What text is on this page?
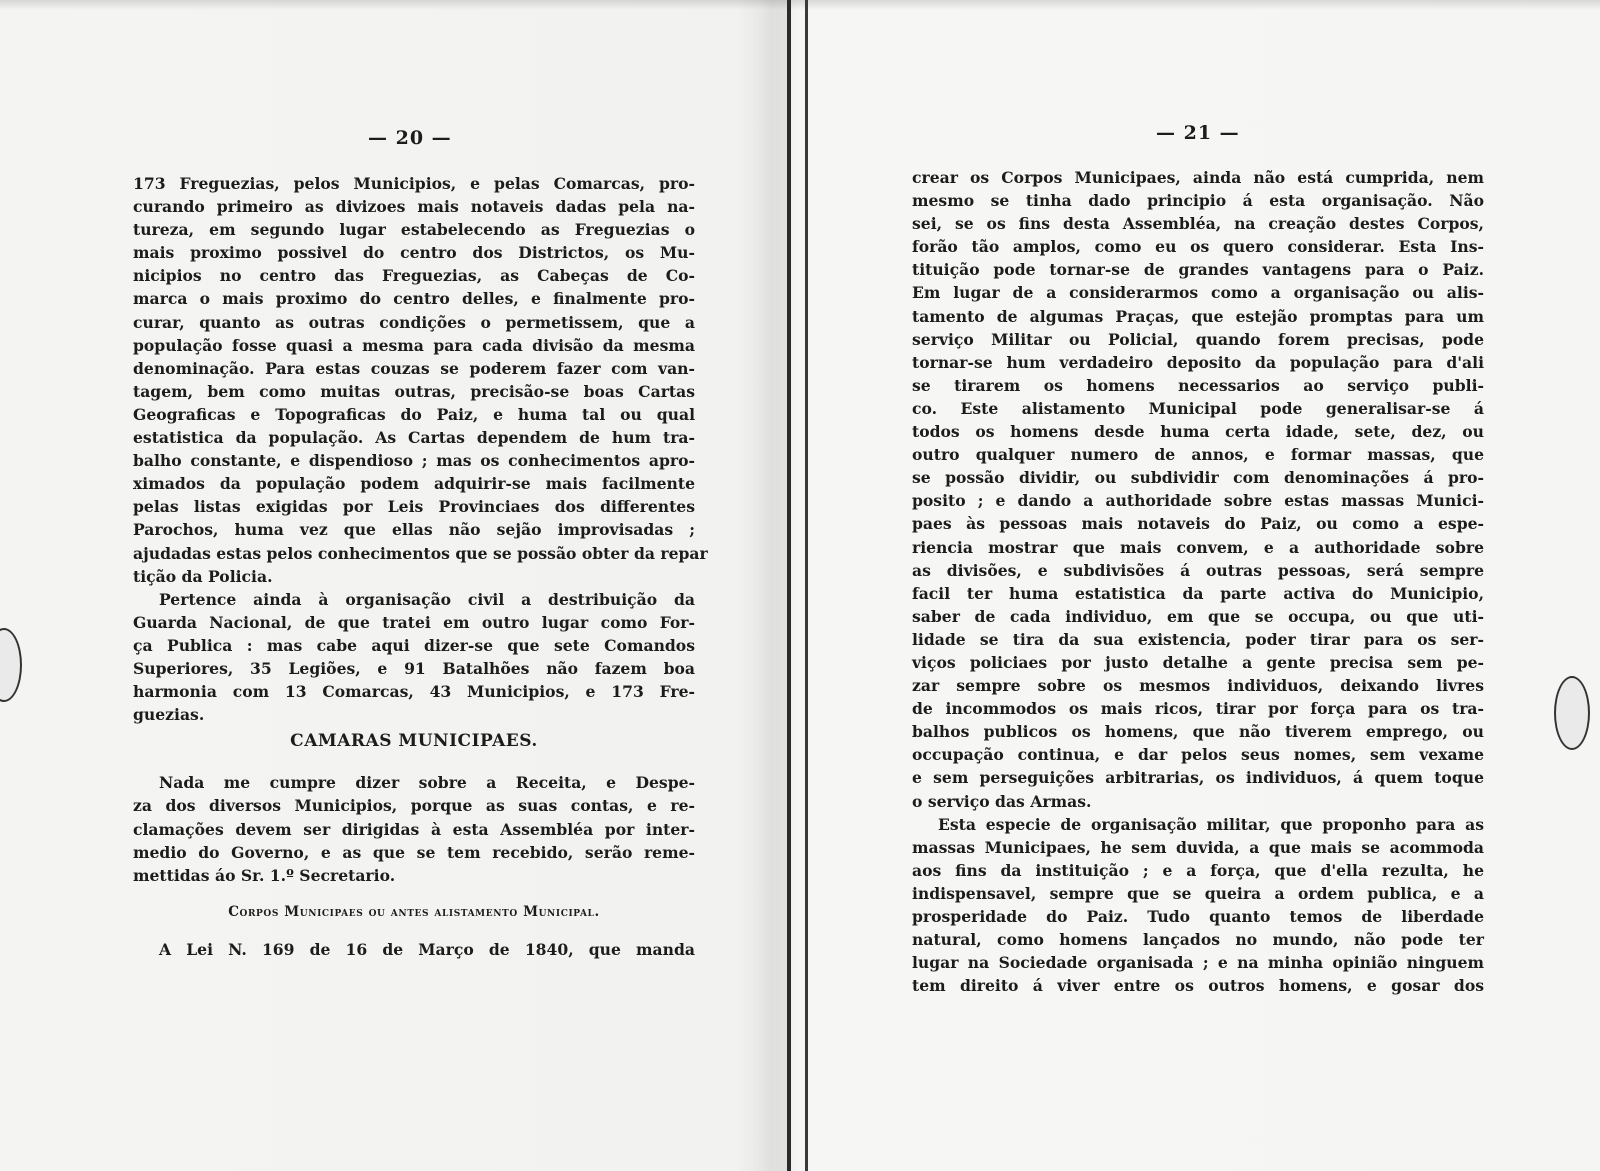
— 20 —
173 Freguezias, pelos Municipios, e pelas Comarcas, pro-
curando primeiro as divizoes mais notaveis dadas pela na-
tureza, em segundo lugar estabelecendo as Freguezias o
mais proximo possivel do centro dos Districtos, os Mu-
nicipios no centro das Freguezias, as Cabeças de Co-
marca o mais proximo do centro delles, e finalmente pro-
curar, quanto as outras condições o permetissem, que a
população fosse quasi a mesma para cada divisão da mesma
denominação. Para estas couzas se poderem fazer com van-
tagem, bem como muitas outras, precisão-se boas Cartas
Geograficas e Topograficas do Paiz, e huma tal ou qual
estatistica da população. As Cartas dependem de hum tra-
balho constante, e dispendioso ; mas os conhecimentos apro-
ximados da população podem adquirir-se mais facilmente
pelas listas exigidas por Leis Provinciaes dos differentes
Parochos, huma vez que ellas não sejão improvisadas ;
ajudadas estas pelos conhecimentos que se possão obter da repar
tição da Policia.
Pertence ainda à organisação civil a destribuição da
Guarda Nacional, de que tratei em outro lugar como For-
ça Publica : mas cabe aqui dizer-se que sete Comandos
Superiores, 35 Legiões, e 91 Batalhões não fazem boa
harmonia com 13 Comarcas, 43 Municipios, e 173 Fre-
guezias.
CAMARAS MUNICIPAES.
Nada me cumpre dizer sobre a Receita, e Despe-
za dos diversos Municipios, porque as suas contas, e re-
clamações devem ser dirigidas à esta Assembléa por inter-
medio do Governo, e as que se tem recebido, serão reme-
mettidas áo Sr. 1.º Secretario.
Corpos Municipaes ou antes alistamento Municipal.
A Lei N. 169 de 16 de Março de 1840, que manda
— 21 —
crear os Corpos Municipaes, ainda não está cumprida, nem
mesmo se tinha dado principio á esta organisação. Não
sei, se os fins desta Assembléa, na creação destes Corpos,
forão tão amplos, como eu os quero considerar. Esta Ins-
tituição pode tornar-se de grandes vantagens para o Paiz.
Em lugar de a considerarmos como a organisação ou alis-
tamento de algumas Praças, que estejão promptas para um
serviço Militar ou Policial, quando forem precisas, pode
tornar-se hum verdadeiro deposito da população para d'ali
se tirarem os homens necessarios ao serviço publi-
co. Este alistamento Municipal pode generalisar-se á
todos os homens desde huma certa idade, sete, dez, ou
outro qualquer numero de annos, e formar massas, que
se possão dividir, ou subdividir com denominações á pro-
posito ; e dando a authoridade sobre estas massas Munici-
paes às pessoas mais notaveis do Paiz, ou como a espe-
riencia mostrar que mais convem, e a authoridade sobre
as divisões, e subdivisões á outras pessoas, será sempre
facil ter huma estatistica da parte activa do Municipio,
saber de cada individuo, em que se occupa, ou que uti-
lidade se tira da sua existencia, poder tirar para os ser-
viços policiaes por justo detalhe a gente precisa sem pe-
zar sempre sobre os mesmos individuos, deixando livres
de incommodos os mais ricos, tirar por força para os tra-
balhos publicos os homens, que não tiverem emprego, ou
occupação continua, e dar pelos seus nomes, sem vexame
e sem perseguições arbitrarias, os individuos, á quem toque
o serviço das Armas.
Esta especie de organisação militar, que proponho para as
massas Municipaes, he sem duvida, a que mais se acommoda
aos fins da instituição ; e a força, que d'ella rezulta, he
indispensavel, sempre que se queira a ordem publica, e a
prosperidade do Paiz. Tudo quanto temos de liberdade
natural, como homens lançados no mundo, não pode ter
lugar na Sociedade organisada ; e na minha opinião ninguem
tem direito á viver entre os outros homens, e gosar dos
